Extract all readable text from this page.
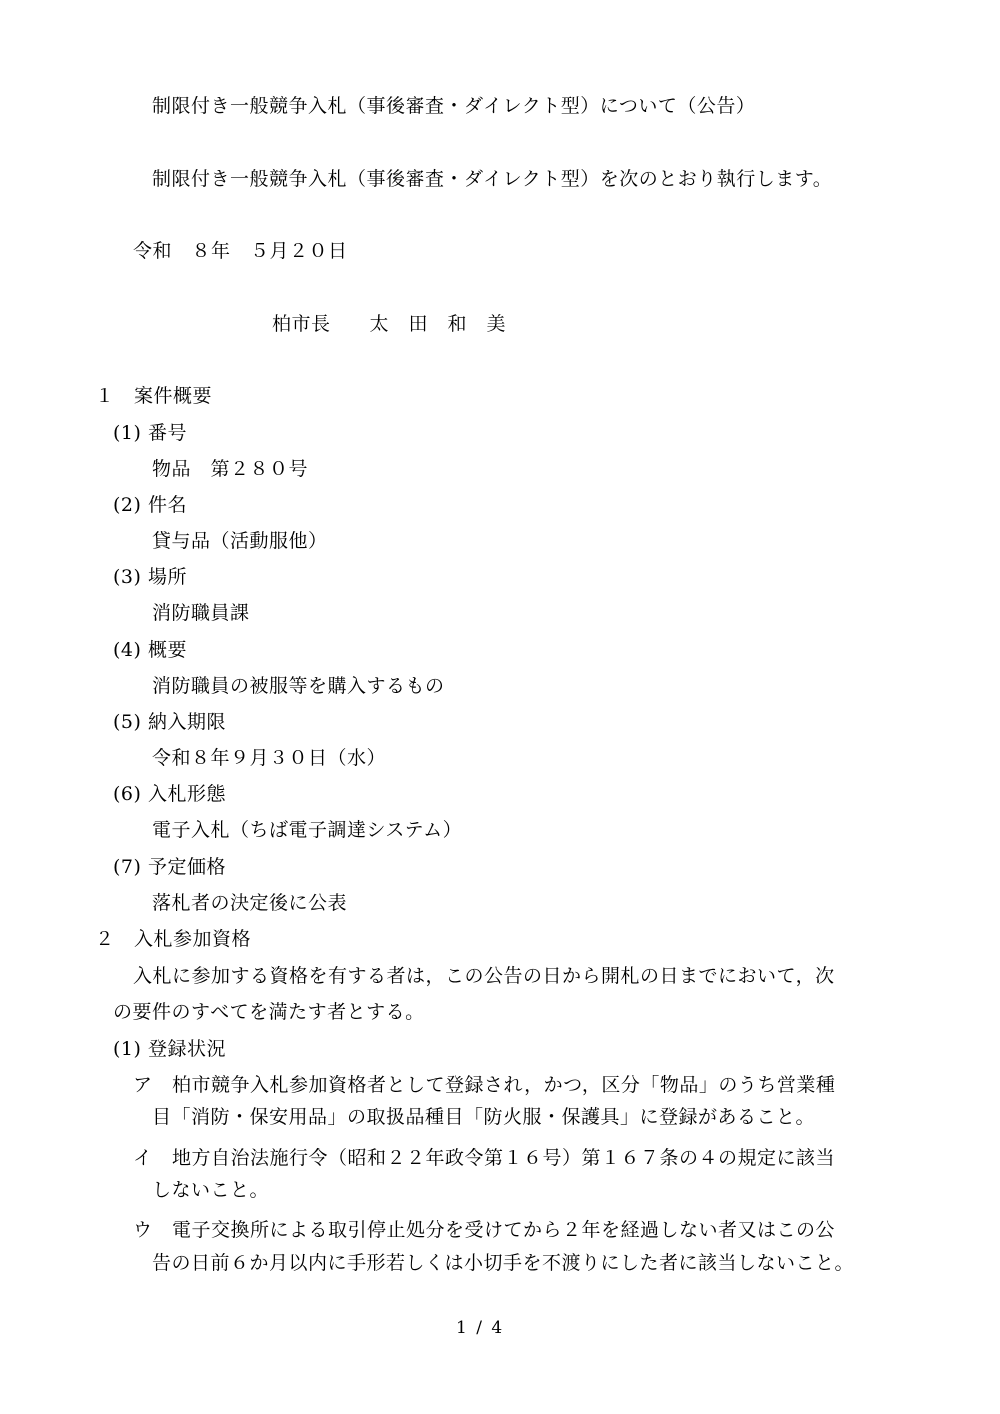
制限付き一般競争入札（事後審査・ダイレクト型）について（公告）
制限付き一般競争入札（事後審査・ダイレクト型）を次のとおり執行します。
令和　８年　５月２０日
柏市長　　太　田　和　美
１　案件概要
(1) 番号
物品　第２８０号
(2) 件名
貸与品（活動服他）
(3) 場所
消防職員課
(4) 概要
消防職員の被服等を購入するもの
(5) 納入期限
令和８年９月３０日（水）
(6) 入札形態
電子入札（ちば電子調達システム）
(7) 予定価格
落札者の決定後に公表
２　入札参加資格
入札に参加する資格を有する者は，この公告の日から開札の日までにおいて，次
の要件のすべてを満たす者とする。
(1) 登録状況
ア　柏市競争入札参加資格者として登録され，かつ，区分「物品」のうち営業種
目「消防・保安用品」の取扱品種目「防火服・保護具」に登録があること。
イ　地方自治法施行令（昭和２２年政令第１６号）第１６７条の４の規定に該当
しないこと。
ウ　電子交換所による取引停止処分を受けてから２年を経過しない者又はこの公
告の日前６か月以内に手形若しくは小切手を不渡りにした者に該当しないこと。
1 / 4
